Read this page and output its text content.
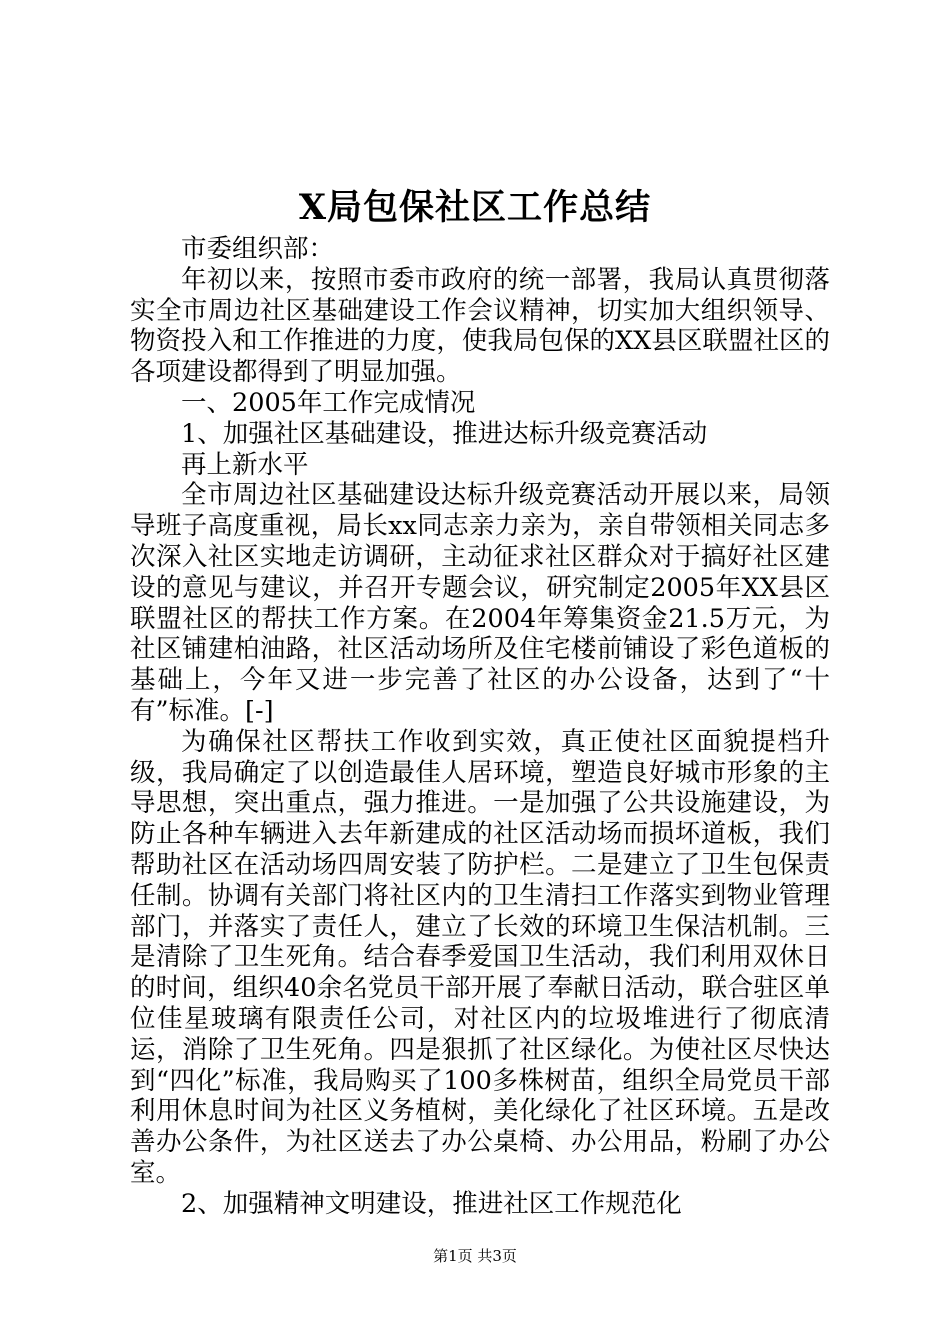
X局包保社区工作总结

市委组织部：

年初以来，按照市委市政府的统一部署，我局认真贯彻落实全市周边社区基础建设工作会议精神，切实加大组织领导、物资投入和工作推进的力度，使我局包保的XX县区联盟社区的各项建设都得到了明显加强。

一、2005年工作完成情况

1、加强社区基础建设，推进达标升级竞赛活动

再上新水平

全市周边社区基础建设达标升级竞赛活动开展以来，局领导班子高度重视，局长xx同志亲力亲为，亲自带领相关同志多次深入社区实地走访调研，主动征求社区群众对于搞好社区建设的意见与建议，并召开专题会议，研究制定2005年XX县区联盟社区的帮扶工作方案。在2004年筹集资金21.5万元，为社区铺建柏油路，社区活动场所及住宅楼前铺设了彩色道板的基础上，今年又进一步完善了社区的办公设备，达到了“十有”标准。[-]

为确保社区帮扶工作收到实效，真正使社区面貌提档升级，我局确定了以创造最佳人居环境，塑造良好城市形象的主导思想，突出重点，强力推进。一是加强了公共设施建设，为防止各种车辆进入去年新建成的社区活动场而损坏道板，我们帮助社区在活动场四周安装了防护栏。二是建立了卫生包保责任制。协调有关部门将社区内的卫生清扫工作落实到物业管理部门，并落实了责任人，建立了长效的环境卫生保洁机制。三是清除了卫生死角。结合春季爱国卫生活动，我们利用双休日的时间，组织40余名党员干部开展了奉献日活动，联合驻区单位佳星玻璃有限责任公司，对社区内的垃圾堆进行了彻底清运，消除了卫生死角。四是狠抓了社区绿化。为使社区尽快达到“四化”标准，我局购买了100多株树苗，组织全局党员干部利用休息时间为社区义务植树，美化绿化了社区环境。五是改善办公条件，为社区送去了办公桌椅、办公用品，粉刷了办公室。

2、加强精神文明建设，推进社区工作规范化

第1页 共3页
